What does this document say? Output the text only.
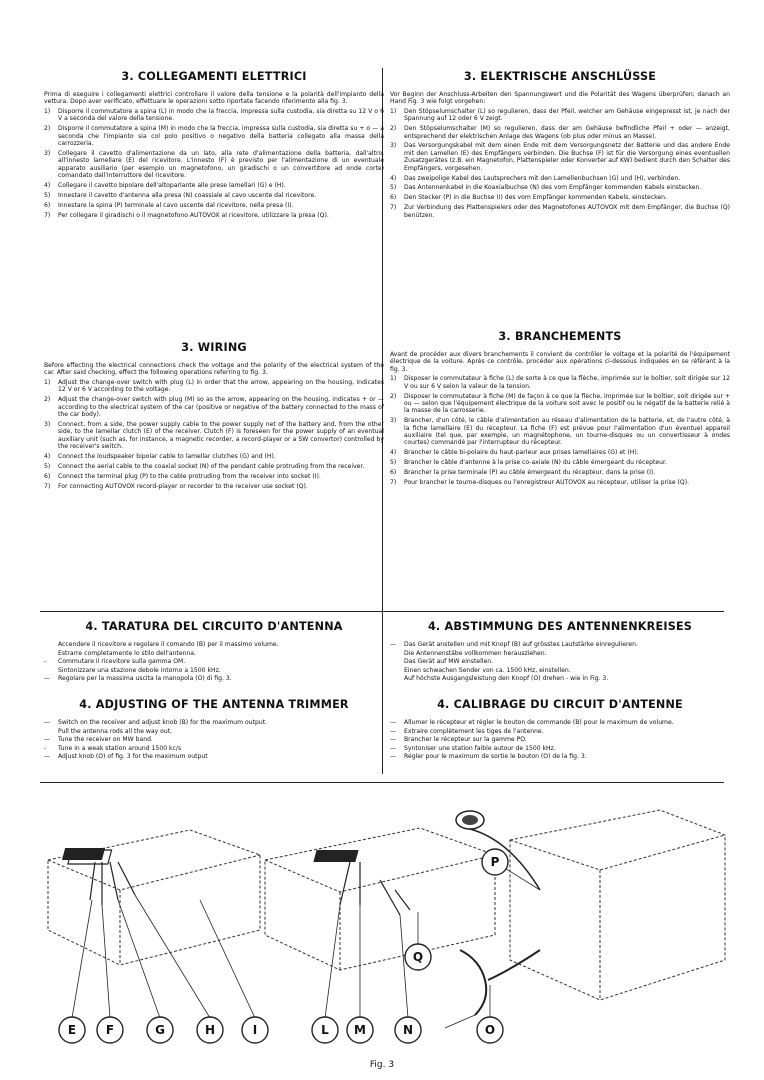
3. COLLEGAMENTI ELETTRICI

Prima di eseguire i collegamenti elettrici controllare il valore della tensione e la polarità dell'impianto della vettura. Dopo aver verificato, effettuare le operazioni sotto riportate facendo riferimento alla fig. 3.

1) Disporre il commutatore a spina (L) in modo che la freccia, impressa sulla custodia, sia diretta su 12 V o 6 V a seconda del valore della tensione.
2) Disporre il commutatore a spina (M) in modo che la freccia, impressa sulla custodia, sia diretta su + o — a seconda che l'impianto sia col polo positivo o negativo della batteria collegato alla massa della carrozzeria.
3) Collegare il cavetto d'alimentazione da un lato, alla rete d'alimentazione della batteria, dall'altro, all'innesto lamellare (E) del ricevitore. L'innesto (F) è previsto per l'alimentazione di un eventuale apparato ausiliario (per esempio un magnetofono, un giradischi o un convertitore ad onde corte) comandato dall'interruttore del ricevitore.
4) Collegare il cavetto bipolare dell'altoparlante alle prese lamellari (G) e (H).
5) Innestare il cavetto d'antenna alla presa (N) coassiale al cavo uscente dal ricevitore.
6) Innestare la spina (P) terminale al cavo uscente dal ricevitore, nella presa (I).
7) Per collegare il giradischi o il magnetofono AUTOVOX al ricevitore, utilizzare la presa (Q).
3. ELEKTRISCHE ANSCHLÜSSE

Vor Beginn der Anschluss-Arbeiten den Spannungswert und die Polarität des Wagens überprüfen; danach an Hand Fig. 3 wie folgt vorgehen:

1) Den Stöpselumschalter (L) so regulieren, dass der Pfeil, welcher am Gehäuse eingepresst ist, je nach der Spannung auf 12 oder 6 V zeigt.
2) Den Stöpselumschalter (M) so regulieren, dass der am Gehäuse befindliche Pfeil + oder — anzeigt, entsprechend der elektrischen Anlage des Wagens (ob plus oder minus an Masse).
3) Das Versorgungskabel mit dem einen Ende mit dem Versorgungsnetz der Batterie und das andere Ende mit den Lamellen (E) des Empfängers verbinden. Die Buchse (F) ist für die Versorgung eines eventuellen Zusatzgerätes (z.B. ein Magnetofon, Plattenspieler oder Konverter auf KW) bedient durch den Schalter des Empfängers, vorgesehen.
4) Das zweipolige Kabel des Lautsprechers mit den Lamellenbuchsen (G) und (H), verbinden.
5) Das Antennenkabel in die Koaxialbuchse (N) des vom Empfänger kommenden Kabels einstecken.
6) Den Stecker (P) in die Buchse (I) des vom Empfänger kommenden Kabels, einstecken.
7) Zur Verbindung des Plattenspielers oder des Magnetofones AUTOVOX mit dem Empfänger, die Buchse (Q) benützen.
3. WIRING

Before effecting the electrical connections check the voltage and the polarity of the electrical system of the car. After said checking, effect the following operations referring to fig. 3.

1) Adjust the change-over switch with plug (L) in order that the arrow, appearing on the housing, indicates 12 V or 6 V according to the voltage.
2) Adjust the change-over switch with plug (M) so as the arrow, appearing on the housing, indicates + or — according to the electrical system of the car (positive or negative of the battery connected to the mass of the car body).
3) Connect, from a side, the power supply cable to the power supply net of the battery and, from the other side, to the lamellar clutch (E) of the receiver. Clutch (F) is foreseen for the power supply of an eventual auxiliary unit (such as, for instance, a magnetic recorder, a record-player or a SW convertor) controlled by the receiver's switch.
4) Connect the loudspeaker bipolar cable to lamellar clutches (G) and (H).
5) Connect the aerial cable to the coaxial socket (N) of the pendant cable protruding from the receiver.
6) Connect the terminal plug (P) to the cable protruding from the receiver into socket (I).
7) For connecting AUTOVOX record-player or recorder to the receiver use socket (Q).
3. BRANCHEMENTS

Avant de procéder aux divers branchements il convient de contrôler le voltage et la polarité de l'équipement électrique de la voiture. Après ce contrôle, procéder aux opérations ci-dessous indiquées en se référant à la fig. 3.

1) Disposer le commutateur à fiche (L) de sorte à ce que la flèche, imprimée sur le boîtier, soit dirigée sur 12 V ou sur 6 V selon la valeur de la tension.
2) Disposer le commutateur à fiche (M) de façon à ce que la flèche, imprimée sur le boîtier, soit dirigée sur + ou — selon que l'équipement électrique de la voiture soit avec le positif ou le négatif de la batterie relié à la masse de la carrosserie.
3) Brancher, d'un côté, le câble d'alimentation au réseau d'alimentation de la batterie, et, de l'autre côté, à la fiche lamellaire (E) du récepteur. La fiche (F) est prévue pour l'alimentation d'un éventuel appareil auxiliaire (tel que, par exemple, un magnétophone, un tourne-disques ou un convertisseur à ondes courtes) commandé par l'interrupteur du récepteur.
4) Brancher le câble bi-polaire du haut-parleur aux prises lamellaires (G) et (H).
5) Brancher le câble d'antenne à la prise co-axiale (N) du câble émergeant du récepteur.
6) Brancher la prise terminale (P) au câble émergeant du récepteur, dans la prise (I).
7) Pour brancher le tourne-disques ou l'enregistreur AUTOVOX au récepteur, utiliser la prise (Q).
4. TARATURA DEL CIRCUITO D'ANTENNA
Accendere il ricevitore e regolare il comando (B) per il massimo volume.
Estrarre completamente lo stilo dell'antenna.
- Commutare il ricevitore sulla gamma OM.
Sintonizzare una stazione debole intorno a 1500 kHz.
— Regolare per la massima uscita la manopola (O) di fig. 3.
4. ABSTIMMUNG DES ANTENNENKREISES
— Das Gerät anstellen und mit Knopf (B) auf grösstes Lautstärke einregulieren.
Die Antennenstäbe vollkommen herausziehen.
Das Gerät auf MW einstellen.
Einen schwachen Sender von ca. 1500 kHz, einstellen.
Auf höchste Ausgangsleistung den Knopf (O) drehen - wie in Fig. 3.
4. ADJUSTING OF THE ANTENNA TRIMMER
— Switch on the receiver and adjust knob (B) for the maximum output.
Pull the antenna rods all the way out.
— Tune the receiver on MW band.
- Tune in a weak station around 1500 kc/s
— Adjust knob (O) of fig. 3 for the maximum output
4. CALIBRAGE DU CIRCUIT D'ANTENNE
— Allumer le récepteur et régler le bouton de commande (B) pour le maximum de volume.
— Extraire complètement les tiges de l'antenne.
— Brancher le récepteur sur la gamme PO.
— Syntoniser une station faible autour de 1500 kHz.
— Régler pour le maximum de sortie le bouton (O) de la fig. 3.
E F	G	H	I	L M	N	O
P
Q
Fig. 3
